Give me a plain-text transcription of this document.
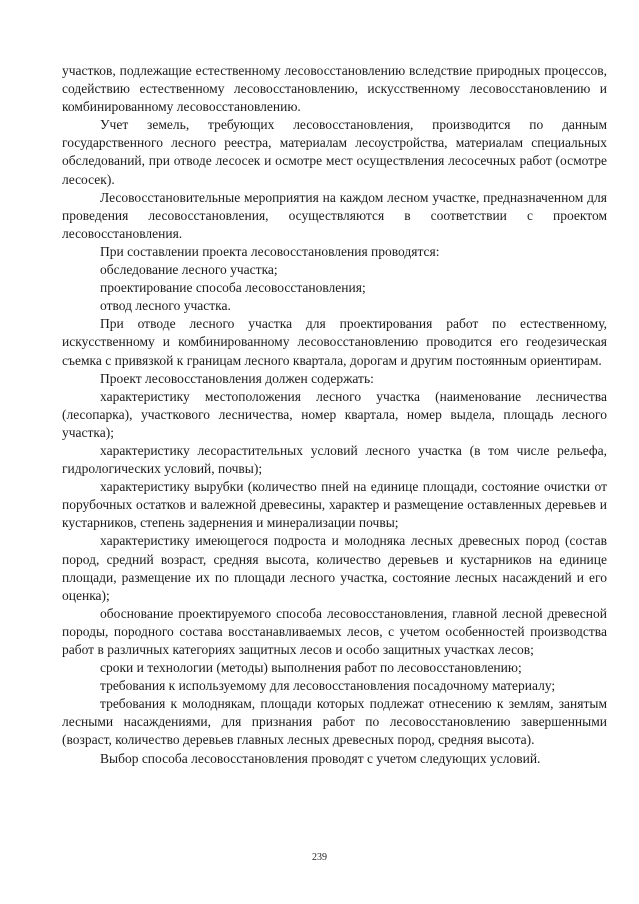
участков, подлежащие естественному лесовосстановлению вследствие природных процессов, содействию естественному лесовосстановлению, искусственному лесовосстановлению и комбинированному лесовосстановлению.

Учет земель, требующих лесовосстановления, производится по данным государственного лесного реестра, материалам лесоустройства, материалам специальных обследований, при отводе лесосек и осмотре мест осуществления лесосечных работ (осмотре лесосек).

Лесовосстановительные мероприятия на каждом лесном участке, предназначенном для проведения лесовосстановления, осуществляются в соответствии с проектом лесовосстановления.

При составлении проекта лесовосстановления проводятся:

обследование лесного участка;

проектирование способа лесовосстановления;

отвод лесного участка.

При отводе лесного участка для проектирования работ по естественному, искусственному и комбинированному лесовосстановлению проводится его геодезическая съемка с привязкой к границам лесного квартала, дорогам и другим постоянным ориентирам.

Проект лесовосстановления должен содержать:

характеристику местоположения лесного участка (наименование лесничества (лесопарка), участкового лесничества, номер квартала, номер выдела, площадь лесного участка);

характеристику лесорастительных условий лесного участка (в том числе рельефа, гидрологических условий, почвы);

характеристику вырубки (количество пней на единице площади, состояние очистки от порубочных остатков и валежной древесины, характер и размещение оставленных деревьев и кустарников, степень задернения и минерализации почвы;

характеристику имеющегося подроста и молодняка лесных древесных пород (состав пород, средний возраст, средняя высота, количество деревьев и кустарников на единице площади, размещение их по площади лесного участка, состояние лесных насаждений и его оценка);

обоснование проектируемого способа лесовосстановления, главной лесной древесной породы, породного состава восстанавливаемых лесов, с учетом особенностей производства работ в различных категориях защитных лесов и особо защитных участках лесов;

сроки и технологии (методы) выполнения работ по лесовосстановлению;

требования к используемому для лесовосстановления посадочному материалу;

требования к молоднякам, площади которых подлежат отнесению к землям, занятым лесными насаждениями, для признания работ по лесовосстановлению завершенными (возраст, количество деревьев главных лесных древесных пород, средняя высота).

Выбор способа лесовосстановления проводят с учетом следующих условий.

239
